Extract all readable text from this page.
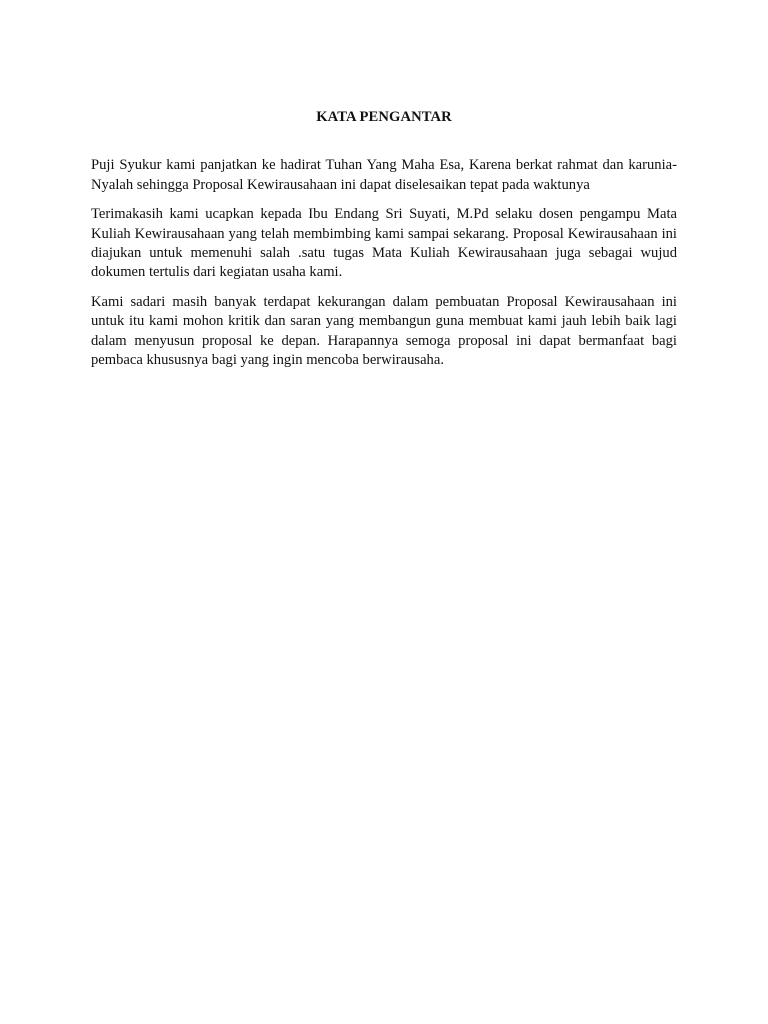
KATA PENGANTAR

Puji Syukur kami panjatkan ke hadirat Tuhan Yang Maha Esa, Karena berkat rahmat dan karunia-Nyalah sehingga Proposal Kewirausahaan ini dapat diselesaikan tepat pada waktunya

Terimakasih kami ucapkan kepada Ibu Endang Sri Suyati, M.Pd selaku dosen pengampu Mata Kuliah Kewirausahaan yang telah membimbing kami sampai sekarang. Proposal Kewirausahaan ini diajukan untuk memenuhi salah .satu tugas Mata Kuliah Kewirausahaan juga sebagai wujud dokumen tertulis dari kegiatan usaha kami.

Kami sadari masih banyak terdapat kekurangan dalam pembuatan Proposal Kewirausahaan ini untuk itu kami mohon kritik dan saran yang membangun guna membuat kami jauh lebih baik lagi dalam menyusun proposal ke depan. Harapannya semoga proposal ini dapat bermanfaat bagi pembaca khususnya bagi yang ingin mencoba berwirausaha.
